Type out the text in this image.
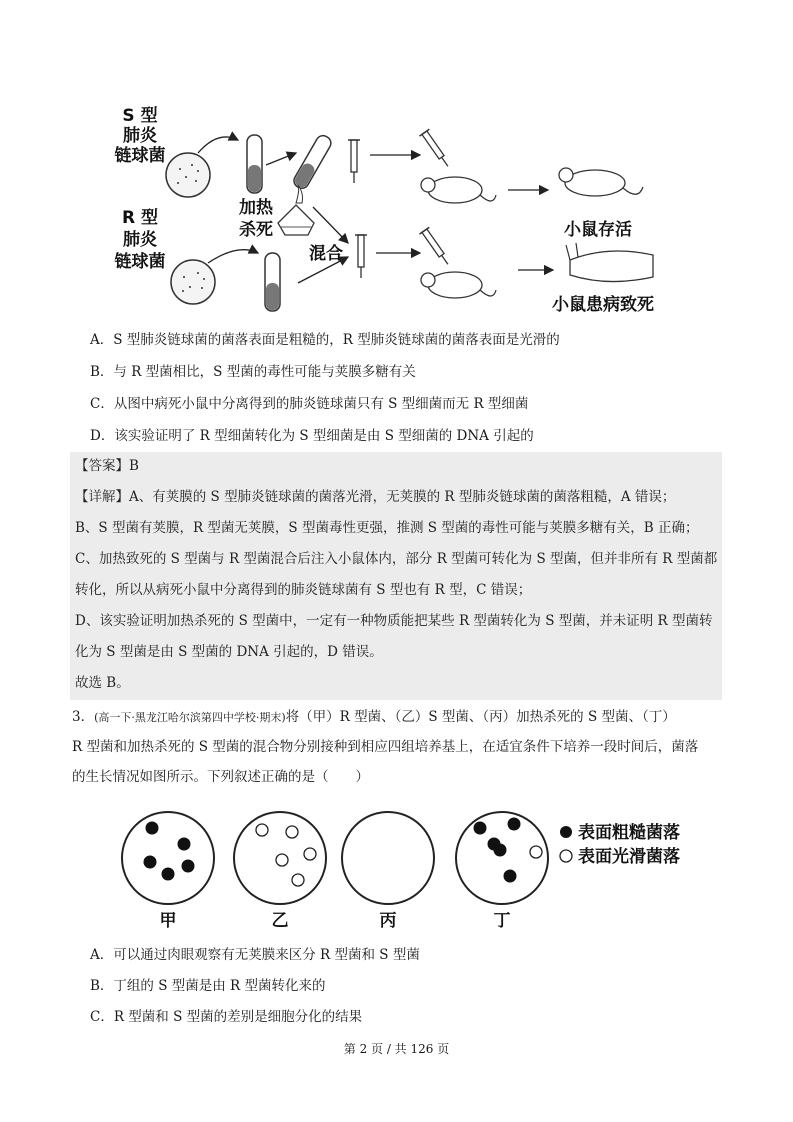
S 型
肺炎
链球菌
加热
杀死	小鼠存活
R 型
肺炎
链球菌	混合
小鼠患病致死
A．S 型肺炎链球菌的菌落表面是粗糙的，R 型肺炎链球菌的菌落表面是光滑的
B．与 R 型菌相比，S 型菌的毒性可能与荚膜多糖有关
C．从图中病死小鼠中分离得到的肺炎链球菌只有 S 型细菌而无 R 型细菌
D．该实验证明了 R 型细菌转化为 S 型细菌是由 S 型细菌的 DNA 引起的
【答案】B
【详解】A、有荚膜的 S 型肺炎链球菌的菌落光滑，无荚膜的 R 型肺炎链球菌的菌落粗糙，A 错误；
B、S 型菌有荚膜，R 型菌无荚膜，S 型菌毒性更强，推测 S 型菌的毒性可能与荚膜多糖有关，B 正确；
C、加热致死的 S 型菌与 R 型菌混合后注入小鼠体内，部分 R 型菌可转化为 S 型菌，但并非所有 R 型菌都
转化，所以从病死小鼠中分离得到的肺炎链球菌有 S 型也有 R 型，C 错误；
D、该实验证明加热杀死的 S 型菌中，一定有一种物质能把某些 R 型菌转化为 S 型菌，并未证明 R 型菌转
化为 S 型菌是由 S 型菌的 DNA 引起的，D 错误。
故选 B。
3．(高一下·黑龙江哈尔滨第四中学校·期末)将（甲）R 型菌、（乙）S 型菌、（丙）加热杀死的 S 型菌、（丁）
R 型菌和加热杀死的 S 型菌的混合物分别接种到相应四组培养基上，在适宜条件下培养一段时间后，菌落
的生长情况如图所示。下列叙述正确的是（　　）
表面粗糙菌落
表面光滑菌落
甲	乙	丙	丁
A．可以通过肉眼观察有无荚膜来区分 R 型菌和 S 型菌
B．丁组的 S 型菌是由 R 型菌转化来的
C．R 型菌和 S 型菌的差别是细胞分化的结果
第 2 页 / 共 126 页
